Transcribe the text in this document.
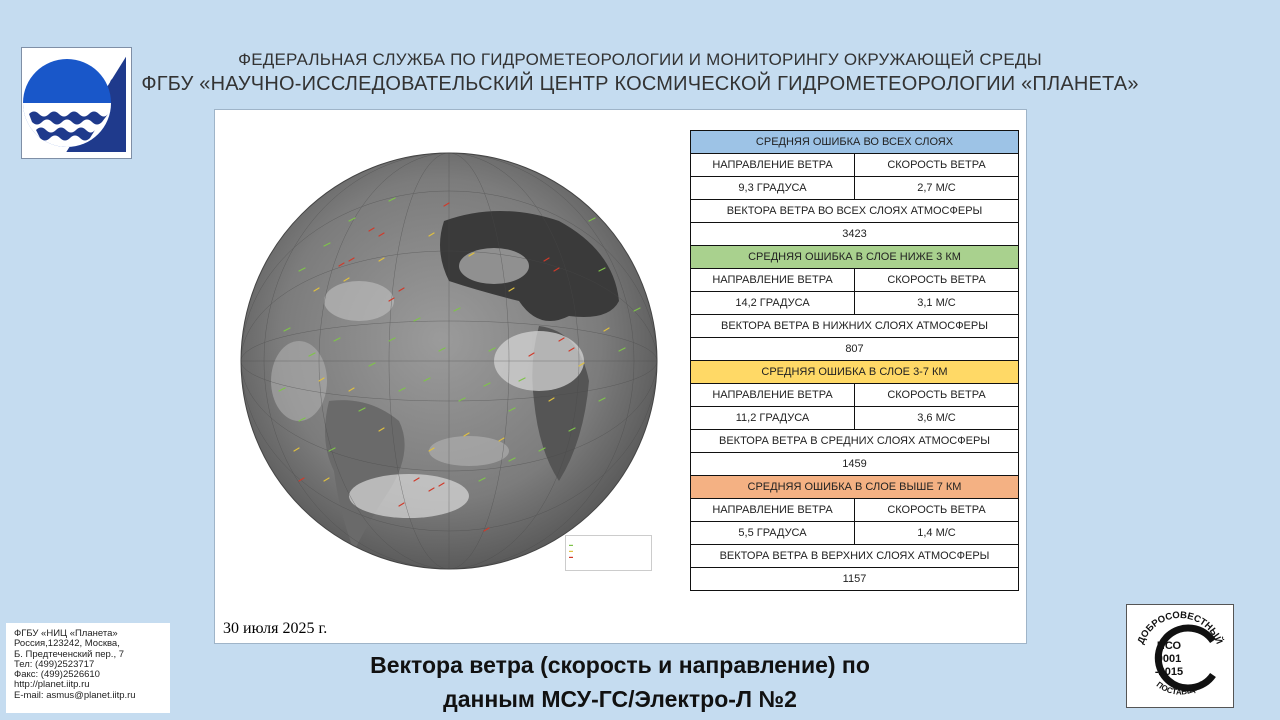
ФЕДЕРАЛЬНАЯ СЛУЖБА ПО ГИДРОМЕТЕОРОЛОГИИ И МОНИТОРИНГУ ОКРУЖАЮЩЕЙ СРЕДЫ
ФГБУ «НАУЧНО-ИССЛЕДОВАТЕЛЬСКИЙ ЦЕНТР КОСМИЧЕСКОЙ ГИДРОМЕТЕОРОЛОГИИ «ПЛАНЕТА»

▬
▬
▬
30 июля 2025 г.
СРЕДНЯЯ ОШИБКА ВО ВСЕХ СЛОЯХ	
НАПРАВЛЕНИЕ ВЕТРА	СКОРОСТЬ ВЕТРА
9,3 ГРАДУСА	2,7 М/С
ВЕКТОРА ВЕТРА ВО ВСЕХ СЛОЯХ АТМОСФЕРЫ	
3423	
СРЕДНЯЯ ОШИБКА В СЛОЕ НИЖЕ 3 КМ	
НАПРАВЛЕНИЕ ВЕТРА	СКОРОСТЬ ВЕТРА
14,2 ГРАДУСА	3,1 М/С
ВЕКТОРА ВЕТРА В НИЖНИХ СЛОЯХ АТМОСФЕРЫ	
807	
СРЕДНЯЯ ОШИБКА В СЛОЕ 3-7 КМ	
НАПРАВЛЕНИЕ ВЕТРА	СКОРОСТЬ ВЕТРА
11,2 ГРАДУСА	3,6 М/С
ВЕКТОРА ВЕТРА В СРЕДНИХ СЛОЯХ АТМОСФЕРЫ	
1459	
СРЕДНЯЯ ОШИБКА В СЛОЕ ВЫШЕ 7 КМ	
НАПРАВЛЕНИЕ ВЕТРА	СКОРОСТЬ ВЕТРА
5,5 ГРАДУСА	1,4 М/С
ВЕКТОРА ВЕТРА В ВЕРХНИХ СЛОЯХ АТМОСФЕРЫ	
1157	
ФГБУ «НИЦ «Планета»
Россия,123242, Москва,
Б. Предтеченский пер., 7
Тел: (499)2523717
Факс: (499)2526610
http://planet.iitp.ru
E-mail: asmus@planet.iitp.ru
Вектора ветра (скорость и направление) по
данным МСУ-ГС/Электро-Л №2
ДОБРОСОВЕСТНЫЙ
ИСО
9001
-2015
ПОСТАВЩИК
